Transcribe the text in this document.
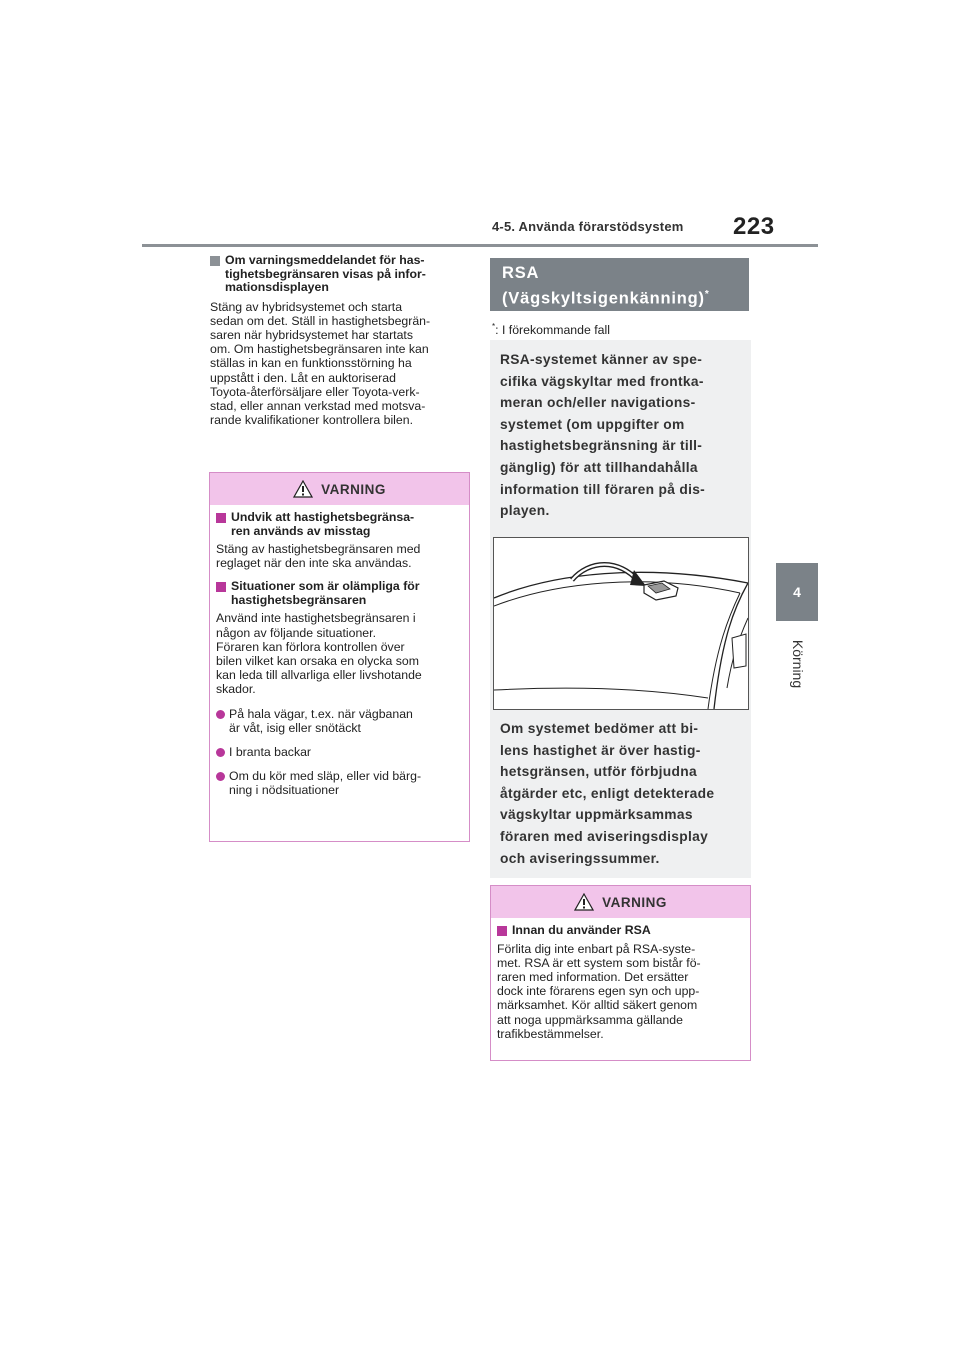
4-5. Använda förarstödsystem 223
4
Körning
Om varningsmeddelandet för has-
tighetsbegränsaren visas på infor-
mationsdisplayen
Stäng av hybridsystemet och starta
sedan om det. Ställ in hastighetsbegrän-
saren när hybridsystemet har startats
om. Om hastighetsbegränsaren inte kan
ställas in kan en funktionsstörning ha
uppstått i den. Låt en auktoriserad
Toyota-återförsäljare eller Toyota-verk-
stad, eller annan verkstad med motsva-
rande kvalifikationer kontrollera bilen.
VARNING
Undvik att hastighetsbegränsa-
ren används av misstag
Stäng av hastighetsbegränsaren med
reglaget när den inte ska användas.
Situationer som är olämpliga för
hastighetsbegränsaren
Använd inte hastighetsbegränsaren i
någon av följande situationer.
Föraren kan förlora kontrollen över
bilen vilket kan orsaka en olycka som
kan leda till allvarliga eller livshotande
skador.
På hala vägar, t.ex. när vägbanan
är våt, isig eller snötäckt
I branta backar
Om du kör med släp, eller vid bärg-
ning i nödsituationer
RSA
(Vägskyltsigenkänning)*
*: I förekommande fall
RSA-systemet känner av spe-
cifika vägskyltar med frontka-
meran och/eller navigations-
systemet (om uppgifter om
hastighetsbegränsning är till-
gänglig) för att tillhandahålla
information till föraren på dis-
playen.
Om systemet bedömer att bi-
lens hastighet är över hastig-
hetsgränsen, utför förbjudna
åtgärder etc, enligt detekterade
vägskyltar uppmärksammas
föraren med aviseringsdisplay
och aviseringssummer.
VARNING
Innan du använder RSA
Förlita dig inte enbart på RSA-syste-
met. RSA är ett system som bistår fö-
raren med information. Det ersätter
dock inte förarens egen syn och upp-
märksamhet. Kör alltid säkert genom
att noga uppmärksamma gällande
trafikbestämmelser.
